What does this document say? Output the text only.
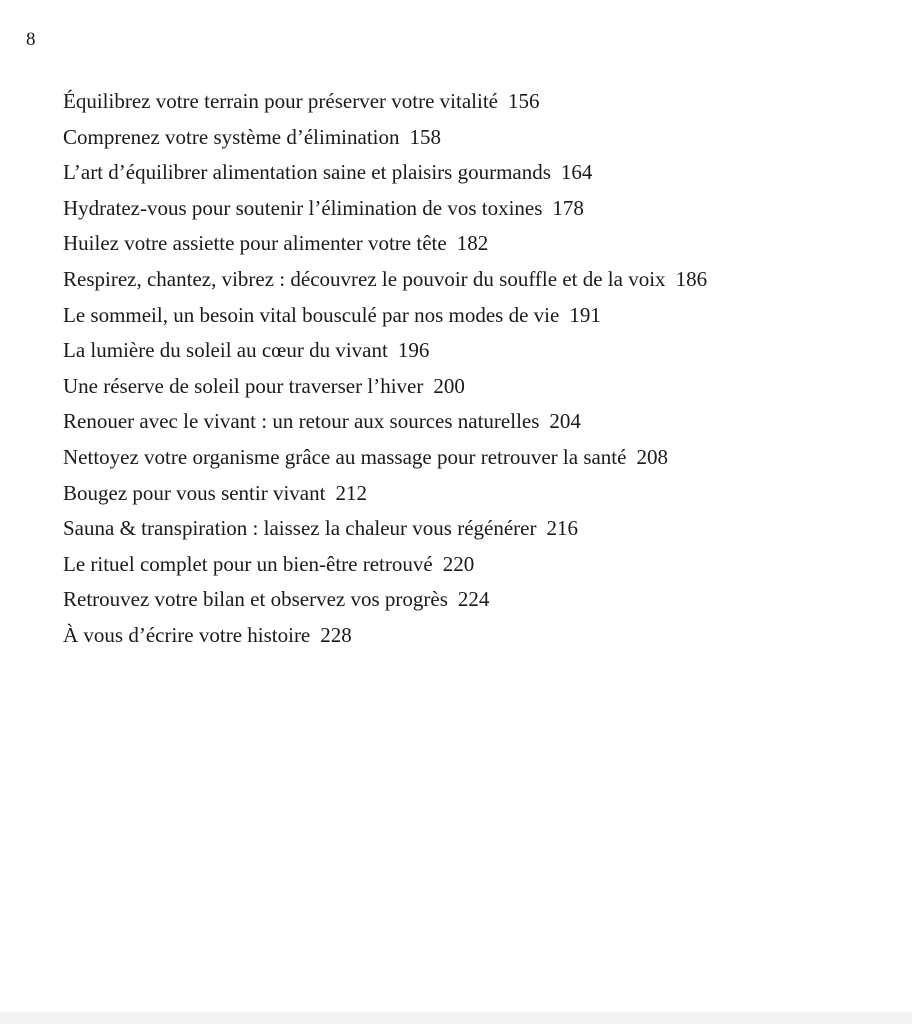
8
Équilibrez votre terrain pour préserver votre vitalité 156
Comprenez votre système d’élimination 158
L’art d’équilibrer alimentation saine et plaisirs gourmands 164
Hydratez-vous pour soutenir l’élimination de vos toxines 178
Huilez votre assiette pour alimenter votre tête 182
Respirez, chantez, vibrez : découvrez le pouvoir du souffle et de la voix 186
Le sommeil, un besoin vital bousculé par nos modes de vie 191
La lumière du soleil au cœur du vivant 196
Une réserve de soleil pour traverser l’hiver 200
Renouer avec le vivant : un retour aux sources naturelles 204
Nettoyez votre organisme grâce au massage pour retrouver la santé 208
Bougez pour vous sentir vivant 212
Sauna & transpiration : laissez la chaleur vous régénérer 216
Le rituel complet pour un bien-être retrouvé 220
Retrouvez votre bilan et observez vos progrès 224
À vous d’écrire votre histoire 228
